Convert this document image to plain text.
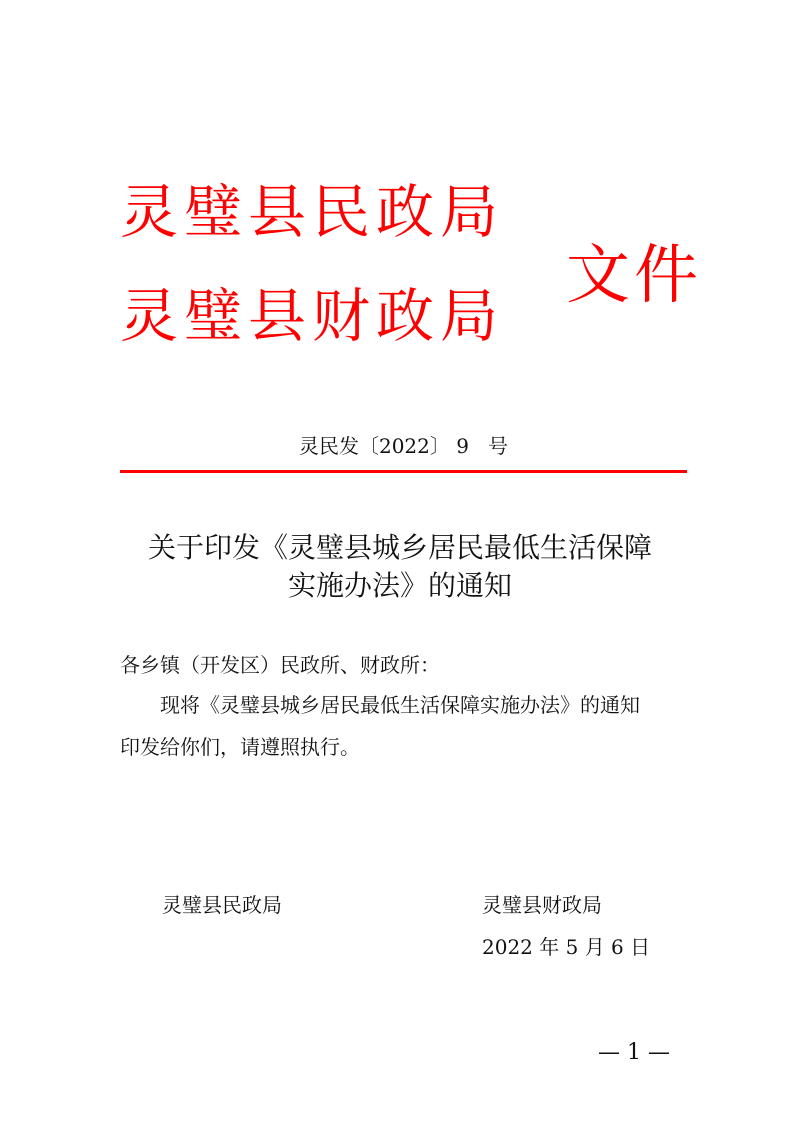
灵璧县民政局
灵璧县财政局
文件
灵民发〔2022〕 9   号
关于印发《灵璧县城乡居民最低生活保障
实施办法》的通知
各乡镇（开发区）民政所、财政所：
现将《灵璧县城乡居民最低生活保障实施办法》的通知
印发给你们，请遵照执行。
灵璧县民政局	灵璧县财政局
2022 年 5 月 6 日
— 1 —
